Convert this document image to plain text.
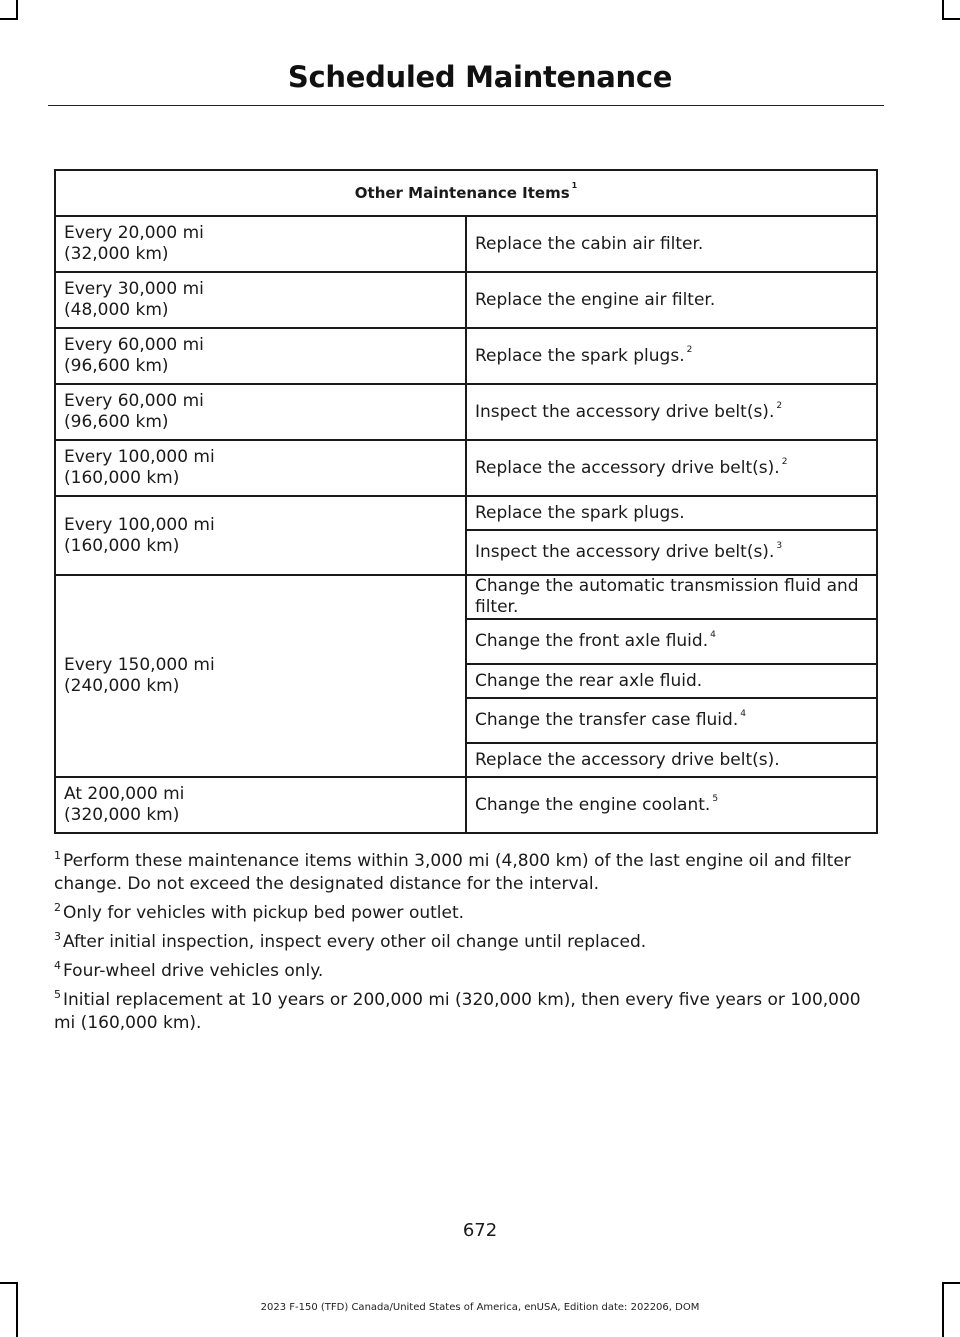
Scheduled Maintenance
Other Maintenance Items $^1$

Every 20,000 mi
(32,000 km)	Replace the cabin air filter.

Every 30,000 mi
(48,000 km)	Replace the engine air filter.

Every 60,000 mi
(96,600 km)	Replace the spark plugs. $^2$

Every 60,000 mi
(96,600 km)	Inspect the accessory drive belt(s). $^2$

Every 100,000 mi
(160,000 km)	Replace the accessory drive belt(s). $^2$

Every 100,000 mi
(160,000 km)	Replace the spark plugs.
	Inspect the accessory drive belt(s). $^3$

Every 150,000 mi
(240,000 km)	Change the automatic transmission fluid and filter.
	Change the front axle fluid. $^4$
	Change the rear axle fluid.
	Change the transfer case fluid. $^4$
	Replace the accessory drive belt(s).

At 200,000 mi
(320,000 km)	Change the engine coolant. $^5$

$^1$ Perform these maintenance items within 3,000 mi (4,800 km) of the last engine oil and filter change. Do not exceed the designated distance for the interval.

$^2$ Only for vehicles with pickup bed power outlet.

$^3$ After initial inspection, inspect every other oil change until replaced.

$^4$ Four-wheel drive vehicles only.

$^5$ Initial replacement at 10 years or 200,000 mi (320,000 km), then every five years or 100,000 mi (160,000 km).

672
2023 F-150 (TFD) Canada/United States of America, enUSA, Edition date: 202206, DOM
